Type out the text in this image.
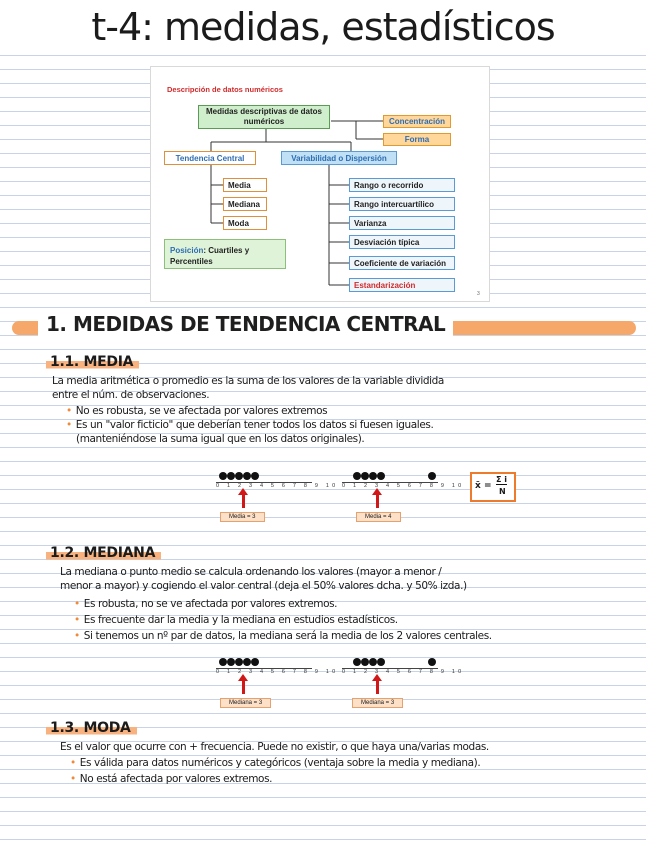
t-4: medidas, estadísticos
Descripción de datos numéricos
Medidas descriptivas de datos numéricos	Concentración
Forma
Tendencia Central	Variabilidad o Dispersión
Media
Mediana
Moda
Posición: Cuartiles y Percentiles
Rango o recorrido
Rango intercuartílico
Varianza
Desviación típica
Coeficiente de variación
Estandarización
3
1. MEDIDAS DE TENDENCIA CENTRAL
1.1. MEDIA
La media aritmética o promedio es la suma de los valores de la variable dividida
entre el núm. de observaciones.
• No es robusta, se ve afectada por valores extremos
• Es un "valor ficticio" que deberían tener todos los datos si fuesen iguales.
(manteniéndose la suma igual que en los datos originales).
0 1 2 3 4 5 6 7 8 9 10
Media = 3
0 1 2 3 4 5 6 7 8 9 10
Media = 4
x̄ =
Σ i
N
1.2. MEDIANA
La mediana o punto medio se calcula ordenando los valores (mayor a menor /
menor a mayor) y cogiendo el valor central (deja el 50% valores dcha. y 50% izda.)
• Es robusta, no se ve afectada por valores extremos.
• Es frecuente dar la media y la mediana en estudios estadísticos.
• Si tenemos un nº par de datos, la mediana será la media de los 2 valores centrales.
0 1 2 3 4 5 6 7 8 9 10
Mediana = 3
0 1 2 3 4 5 6 7 8 9 10
Mediana = 3
1.3. MODA
Es el valor que ocurre con + frecuencia. Puede no existir, o que haya una/varias modas.
• Es válida para datos numéricos y categóricos (ventaja sobre la media y mediana).
• No está afectada por valores extremos.
